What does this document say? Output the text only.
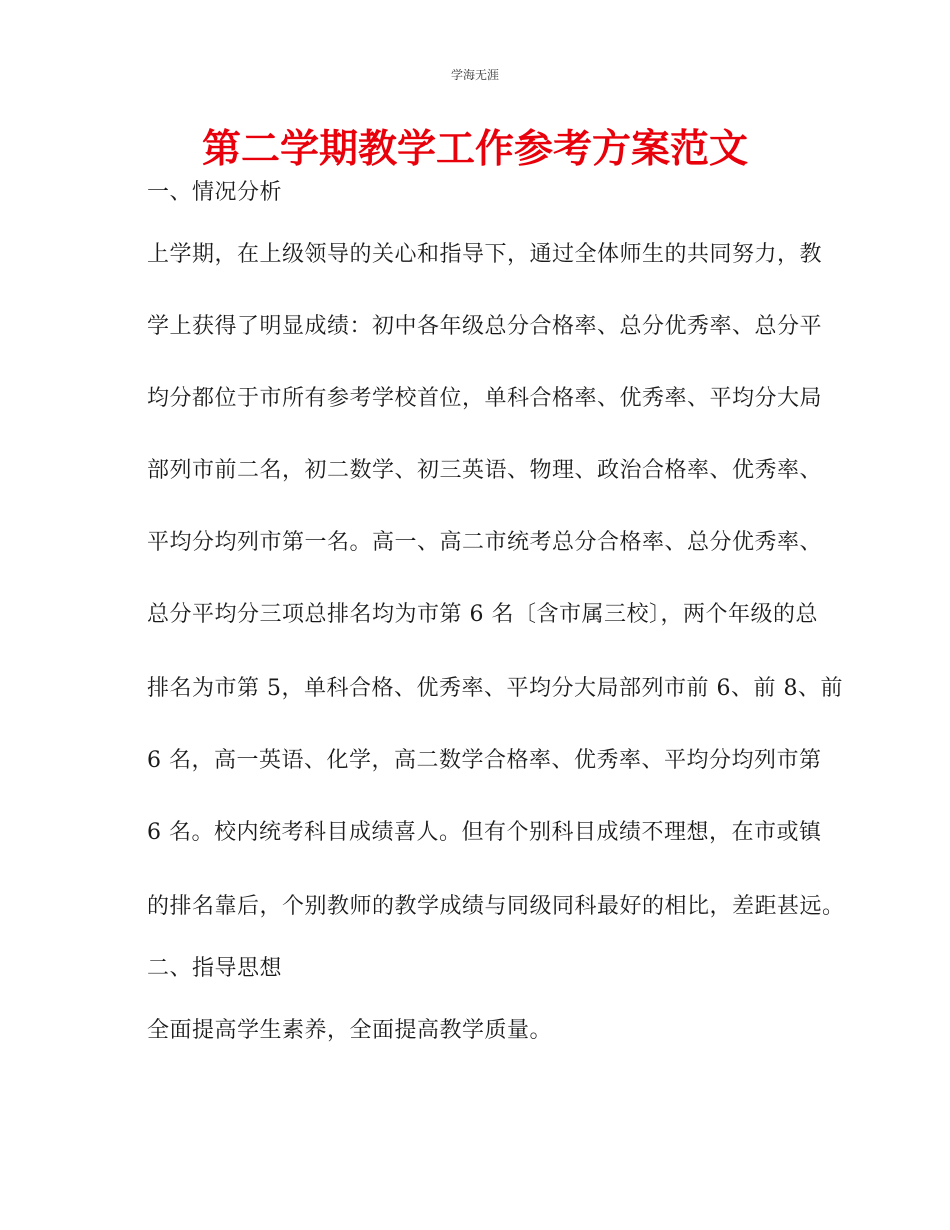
学海无涯
第二学期教学工作参考方案范文
一、情况分析
上学期，在上级领导的关心和指导下，通过全体师生的共同努力，教
学上获得了明显成绩：初中各年级总分合格率、总分优秀率、总分平
均分都位于市所有参考学校首位，单科合格率、优秀率、平均分大局
部列市前二名，初二数学、初三英语、物理、政治合格率、优秀率、
平均分均列市第一名。高一、高二市统考总分合格率、总分优秀率、
总分平均分三项总排名均为市第 6 名〔含市属三校〕，两个年级的总
排名为市第 5，单科合格、优秀率、平均分大局部列市前 6、前 8、前
6 名，高一英语、化学，高二数学合格率、优秀率、平均分均列市第
6 名。校内统考科目成绩喜人。但有个别科目成绩不理想，在市或镇
的排名靠后，个别教师的教学成绩与同级同科最好的相比，差距甚远。
二、指导思想
全面提高学生素养，全面提高教学质量。
